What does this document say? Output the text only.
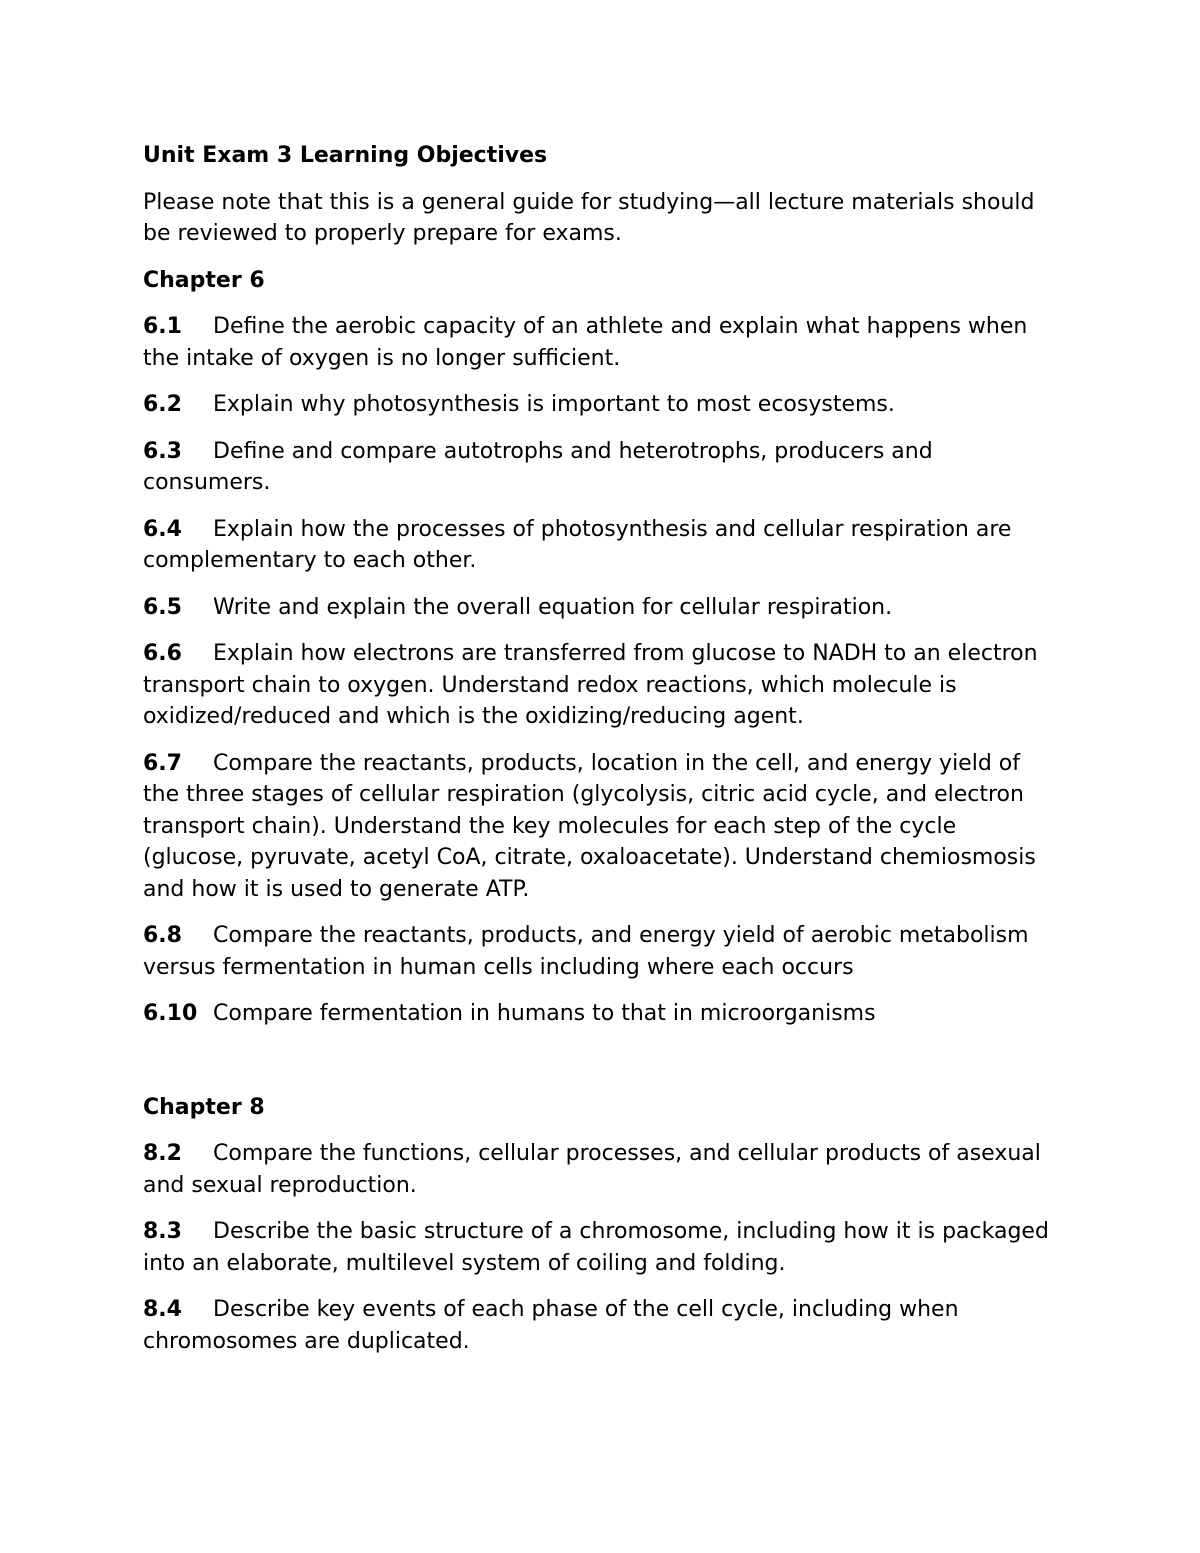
Unit Exam 3 Learning Objectives
Please note that this is a general guide for studying—all lecture materials should be reviewed to properly prepare for exams.
Chapter 6
6.1 Define the aerobic capacity of an athlete and explain what happens when the intake of oxygen is no longer sufficient.
6.2 Explain why photosynthesis is important to most ecosystems.
6.3 Define and compare autotrophs and heterotrophs, producers and consumers.
6.4 Explain how the processes of photosynthesis and cellular respiration are complementary to each other.
6.5 Write and explain the overall equation for cellular respiration.
6.6 Explain how electrons are transferred from glucose to NADH to an electron transport chain to oxygen. Understand redox reactions, which molecule is oxidized/reduced and which is the oxidizing/reducing agent.
6.7 Compare the reactants, products, location in the cell, and energy yield of the three stages of cellular respiration (glycolysis, citric acid cycle, and electron transport chain). Understand the key molecules for each step of the cycle (glucose, pyruvate, acetyl CoA, citrate, oxaloacetate). Understand chemiosmosis and how it is used to generate ATP.
6.8 Compare the reactants, products, and energy yield of aerobic metabolism versus fermentation in human cells including where each occurs
6.10 Compare fermentation in humans to that in microorganisms
Chapter 8
8.2 Compare the functions, cellular processes, and cellular products of asexual and sexual reproduction.
8.3 Describe the basic structure of a chromosome, including how it is packaged into an elaborate, multilevel system of coiling and folding.
8.4 Describe key events of each phase of the cell cycle, including when chromosomes are duplicated.
